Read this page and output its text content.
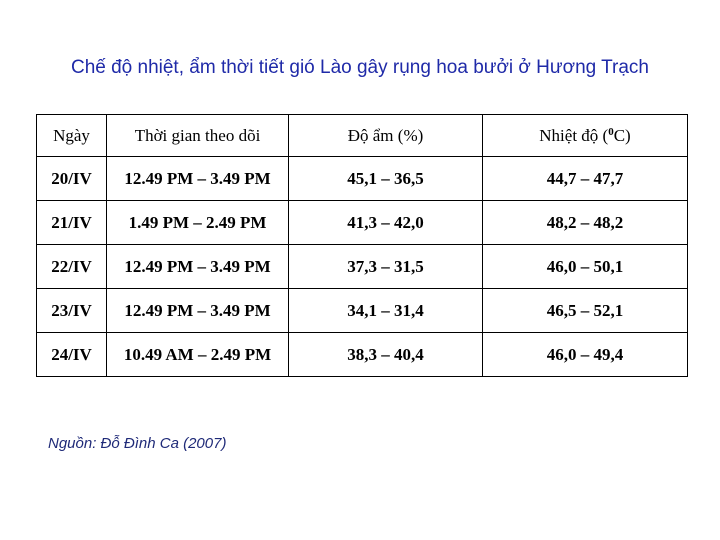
Chế độ nhiệt, ẩm thời tiết gió Lào gây rụng hoa bưởi ở Hương Trạch
Ngày	Thời gian theo dõi	Độ ẩm (%)	Nhiệt độ ($^0$C)
20/IV	12.49 PM – 3.49 PM	45,1 – 36,5	44,7 – 47,7
21/IV	1.49 PM – 2.49 PM	41,3 – 42,0	48,2 – 48,2
22/IV	12.49 PM – 3.49 PM	37,3 – 31,5	46,0 – 50,1
23/IV	12.49 PM – 3.49 PM	34,1 – 31,4	46,5 – 52,1
24/IV	10.49 AM – 2.49 PM	38,3 – 40,4	46,0 – 49,4
Nguồn: Đỗ Đình Ca (2007)
